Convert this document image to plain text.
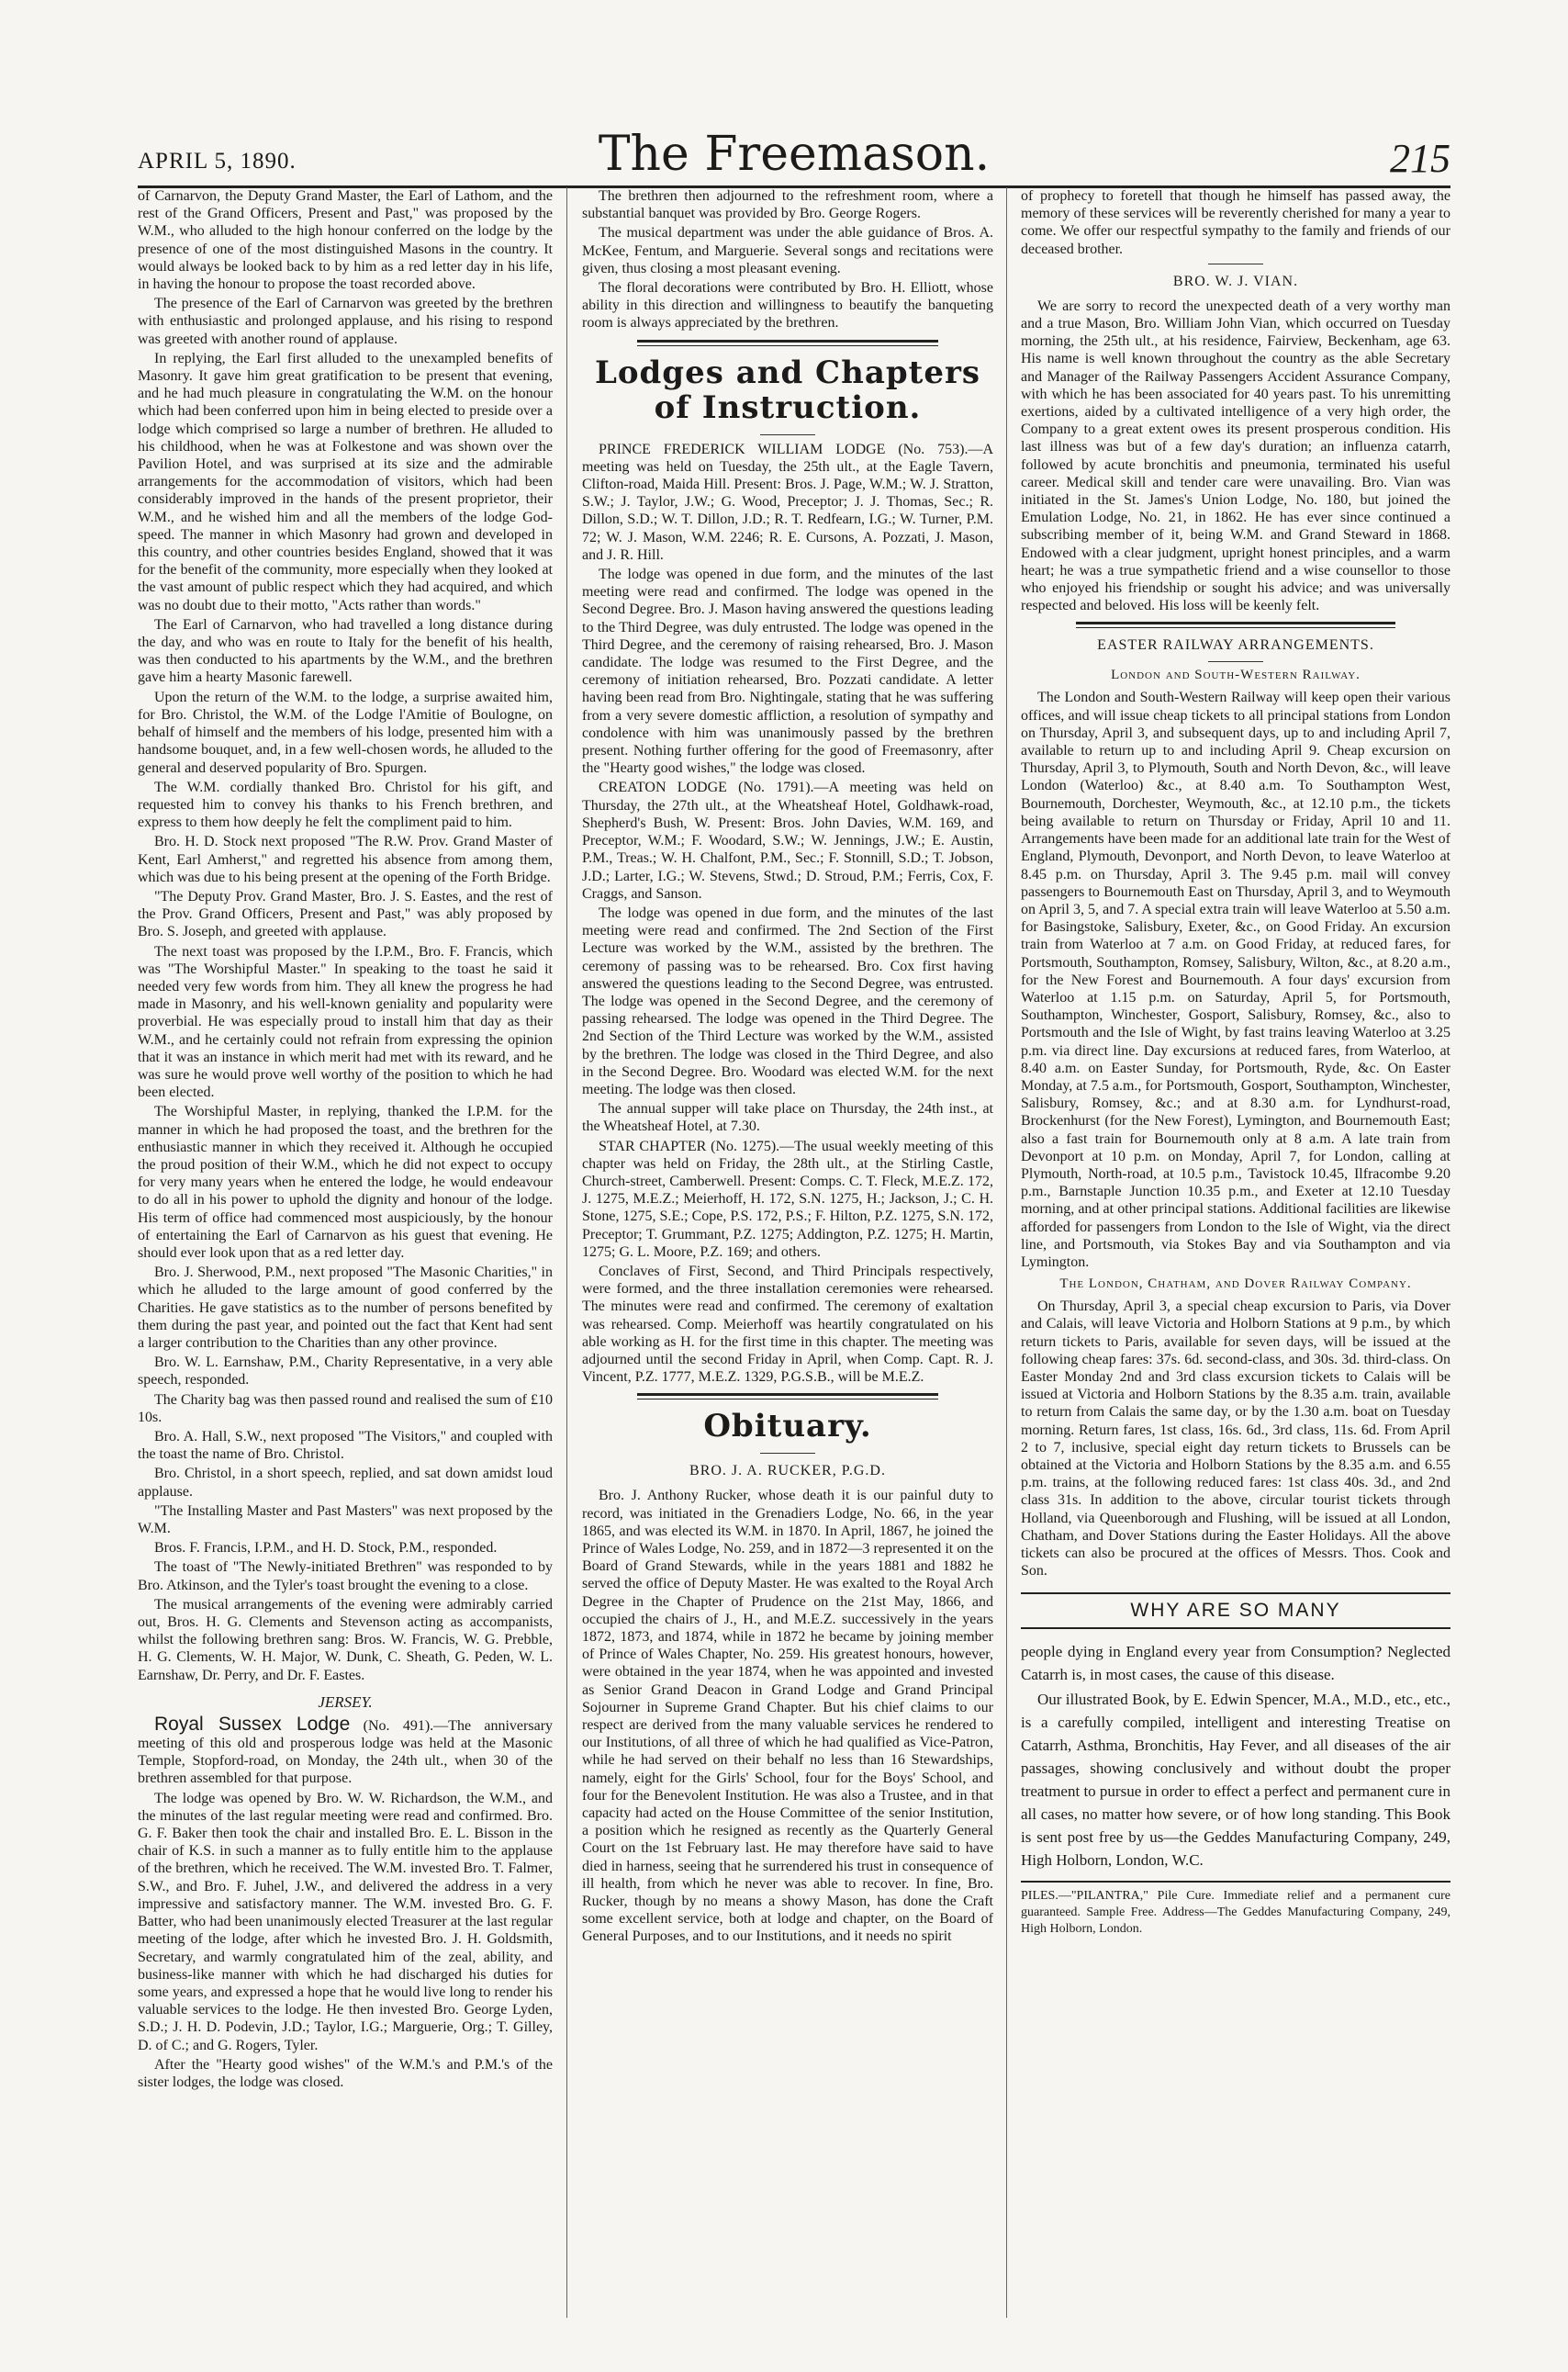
APRIL 5, 1890.	The Freemason.	215

of Carnarvon, the Deputy Grand Master, the Earl of Lathom, and the rest of the Grand Officers, Present and Past," was proposed by the W.M., who alluded to the high honour conferred on the lodge by the presence of one of the most distinguished Masons in the country. It would always be looked back to by him as a red letter day in his life, in having the honour to propose the toast recorded above.

The presence of the Earl of Carnarvon was greeted by the brethren with enthusiastic and prolonged applause, and his rising to respond was greeted with another round of applause.

In replying, the Earl first alluded to the unexampled benefits of Masonry. It gave him great gratification to be present that evening, and he had much pleasure in congratulating the W.M. on the honour which had been conferred upon him in being elected to preside over a lodge which comprised so large a number of brethren. He alluded to his childhood, when he was at Folkestone and was shown over the Pavilion Hotel, and was surprised at its size and the admirable arrangements for the accommodation of visitors, which had been considerably improved in the hands of the present proprietor, their W.M., and he wished him and all the members of the lodge God-speed. The manner in which Masonry had grown and developed in this country, and other countries besides England, showed that it was for the benefit of the community, more especially when they looked at the vast amount of public respect which they had acquired, and which was no doubt due to their motto, "Acts rather than words."

The Earl of Carnarvon, who had travelled a long distance during the day, and who was en route to Italy for the benefit of his health, was then conducted to his apartments by the W.M., and the brethren gave him a hearty Masonic farewell.

Upon the return of the W.M. to the lodge, a surprise awaited him, for Bro. Christol, the W.M. of the Lodge l'Amitie of Boulogne, on behalf of himself and the members of his lodge, presented him with a handsome bouquet, and, in a few well-chosen words, he alluded to the general and deserved popularity of Bro. Spurgen.

The W.M. cordially thanked Bro. Christol for his gift, and requested him to convey his thanks to his French brethren, and express to them how deeply he felt the compliment paid to him.

Bro. H. D. Stock next proposed "The R.W. Prov. Grand Master of Kent, Earl Amherst," and regretted his absence from among them, which was due to his being present at the opening of the Forth Bridge.

"The Deputy Prov. Grand Master, Bro. J. S. Eastes, and the rest of the Prov. Grand Officers, Present and Past," was ably proposed by Bro. S. Joseph, and greeted with applause.

The next toast was proposed by the I.P.M., Bro. F. Francis, which was "The Worshipful Master." In speaking to the toast he said it needed very few words from him. They all knew the progress he had made in Masonry, and his well-known geniality and popularity were proverbial. He was especially proud to install him that day as their W.M., and he certainly could not refrain from expressing the opinion that it was an instance in which merit had met with its reward, and he was sure he would prove well worthy of the position to which he had been elected.

The Worshipful Master, in replying, thanked the I.P.M. for the manner in which he had proposed the toast, and the brethren for the enthusiastic manner in which they received it. Although he occupied the proud position of their W.M., which he did not expect to occupy for very many years when he entered the lodge, he would endeavour to do all in his power to uphold the dignity and honour of the lodge. His term of office had commenced most auspiciously, by the honour of entertaining the Earl of Carnarvon as his guest that evening. He should ever look upon that as a red letter day.

Bro. J. Sherwood, P.M., next proposed "The Masonic Charities," in which he alluded to the large amount of good conferred by the Charities. He gave statistics as to the number of persons benefited by them during the past year, and pointed out the fact that Kent had sent a larger contribution to the Charities than any other province.

Bro. W. L. Earnshaw, P.M., Charity Representative, in a very able speech, responded.

The Charity bag was then passed round and realised the sum of £10 10s.

Bro. A. Hall, S.W., next proposed "The Visitors," and coupled with the toast the name of Bro. Christol.

Bro. Christol, in a short speech, replied, and sat down amidst loud applause.

"The Installing Master and Past Masters" was next proposed by the W.M.

Bros. F. Francis, I.P.M., and H. D. Stock, P.M., responded.

The toast of "The Newly-initiated Brethren" was responded to by Bro. Atkinson, and the Tyler's toast brought the evening to a close.

The musical arrangements of the evening were admirably carried out, Bros. H. G. Clements and Stevenson acting as accompanists, whilst the following brethren sang: Bros. W. Francis, W. G. Prebble, H. G. Clements, W. H. Major, W. Dunk, C. Sheath, G. Peden, W. L. Earnshaw, Dr. Perry, and Dr. F. Eastes.

JERSEY.

Royal Sussex Lodge (No. 491).—The anniversary meeting of this old and prosperous lodge was held at the Masonic Temple, Stopford-road, on Monday, the 24th ult., when 30 of the brethren assembled for that purpose.

The lodge was opened by Bro. W. W. Richardson, the W.M., and the minutes of the last regular meeting were read and confirmed. Bro. G. F. Baker then took the chair and installed Bro. E. L. Bisson in the chair of K.S. in such a manner as to fully entitle him to the applause of the brethren, which he received. The W.M. invested Bro. T. Falmer, S.W., and Bro. F. Juhel, J.W., and delivered the address in a very impressive and satisfactory manner. The W.M. invested Bro. G. F. Batter, who had been unanimously elected Treasurer at the last regular meeting of the lodge, after which he invested Bro. J. H. Goldsmith, Secretary, and warmly congratulated him of the zeal, ability, and business-like manner with which he had discharged his duties for some years, and expressed a hope that he would live long to render his valuable services to the lodge. He then invested Bro. George Lyden, S.D.; J. H. D. Podevin, J.D.; Taylor, I.G.; Marguerie, Org.; T. Gilley, D. of C.; and G. Rogers, Tyler.

After the "Hearty good wishes" of the W.M.'s and P.M.'s of the sister lodges, the lodge was closed.

The brethren then adjourned to the refreshment room, where a substantial banquet was provided by Bro. George Rogers.

The musical department was under the able guidance of Bros. A. McKee, Fentum, and Marguerie. Several songs and recitations were given, thus closing a most pleasant evening.

The floral decorations were contributed by Bro. H. Elliott, whose ability in this direction and willingness to beautify the banqueting room is always appreciated by the brethren.

Lodges and Chapters of Instruction.

PRINCE FREDERICK WILLIAM LODGE (No. 753).—A meeting was held on Tuesday, the 25th ult., at the Eagle Tavern, Clifton-road, Maida Hill. Present: Bros. J. Page, W.M.; W. J. Stratton, S.W.; J. Taylor, J.W.; G. Wood, Preceptor; J. J. Thomas, Sec.; R. Dillon, S.D.; W. T. Dillon, J.D.; R. T. Redfearn, I.G.; W. Turner, P.M. 72; W. J. Mason, W.M. 2246; R. E. Cursons, A. Pozzati, J. Mason, and J. R. Hill.

The lodge was opened in due form, and the minutes of the last meeting were read and confirmed. The lodge was opened in the Second Degree. Bro. J. Mason having answered the questions leading to the Third Degree, was duly entrusted. The lodge was opened in the Third Degree, and the ceremony of raising rehearsed, Bro. J. Mason candidate. The lodge was resumed to the First Degree, and the ceremony of initiation rehearsed, Bro. Pozzati candidate. A letter having been read from Bro. Nightingale, stating that he was suffering from a very severe domestic affliction, a resolution of sympathy and condolence with him was unanimously passed by the brethren present. Nothing further offering for the good of Freemasonry, after the "Hearty good wishes," the lodge was closed.

CREATON LODGE (No. 1791).—A meeting was held on Thursday, the 27th ult., at the Wheatsheaf Hotel, Goldhawk-road, Shepherd's Bush, W. Present: Bros. John Davies, W.M. 169, and Preceptor, W.M.; F. Woodard, S.W.; W. Jennings, J.W.; E. Austin, P.M., Treas.; W. H. Chalfont, P.M., Sec.; F. Stonnill, S.D.; T. Jobson, J.D.; Larter, I.G.; W. Stevens, Stwd.; D. Stroud, P.M.; Ferris, Cox, F. Craggs, and Sanson.

The lodge was opened in due form, and the minutes of the last meeting were read and confirmed. The 2nd Section of the First Lecture was worked by the W.M., assisted by the brethren. The ceremony of passing was to be rehearsed. Bro. Cox first having answered the questions leading to the Second Degree, was entrusted. The lodge was opened in the Second Degree, and the ceremony of passing rehearsed. The lodge was opened in the Third Degree. The 2nd Section of the Third Lecture was worked by the W.M., assisted by the brethren. The lodge was closed in the Third Degree, and also in the Second Degree. Bro. Woodard was elected W.M. for the next meeting. The lodge was then closed.

The annual supper will take place on Thursday, the 24th inst., at the Wheatsheaf Hotel, at 7.30.

STAR CHAPTER (No. 1275).—The usual weekly meeting of this chapter was held on Friday, the 28th ult., at the Stirling Castle, Church-street, Camberwell. Present: Comps. C. T. Fleck, M.E.Z. 172, J. 1275, M.E.Z.; Meierhoff, H. 172, S.N. 1275, H.; Jackson, J.; C. H. Stone, 1275, S.E.; Cope, P.S. 172, P.S.; F. Hilton, P.Z. 1275, S.N. 172, Preceptor; T. Grummant, P.Z. 1275; Addington, P.Z. 1275; H. Martin, 1275; G. L. Moore, P.Z. 169; and others.

Conclaves of First, Second, and Third Principals respectively, were formed, and the three installation ceremonies were rehearsed. The minutes were read and confirmed. The ceremony of exaltation was rehearsed. Comp. Meierhoff was heartily congratulated on his able working as H. for the first time in this chapter. The meeting was adjourned until the second Friday in April, when Comp. Capt. R. J. Vincent, P.Z. 1777, M.E.Z. 1329, P.G.S.B., will be M.E.Z.

Obituary.
BRO. J. A. RUCKER, P.G.D.

Bro. J. Anthony Rucker, whose death it is our painful duty to record, was initiated in the Grenadiers Lodge, No. 66, in the year 1865, and was elected its W.M. in 1870. In April, 1867, he joined the Prince of Wales Lodge, No. 259, and in 1872—3 represented it on the Board of Grand Stewards, while in the years 1881 and 1882 he served the office of Deputy Master. He was exalted to the Royal Arch Degree in the Chapter of Prudence on the 21st May, 1866, and occupied the chairs of J., H., and M.E.Z. successively in the years 1872, 1873, and 1874, while in 1872 he became by joining member of Prince of Wales Chapter, No. 259. His greatest honours, however, were obtained in the year 1874, when he was appointed and invested as Senior Grand Deacon in Grand Lodge and Grand Principal Sojourner in Supreme Grand Chapter. But his chief claims to our respect are derived from the many valuable services he rendered to our Institutions, of all three of which he had qualified as Vice-Patron, while he had served on their behalf no less than 16 Stewardships, namely, eight for the Girls' School, four for the Boys' School, and four for the Benevolent Institution. He was also a Trustee, and in that capacity had acted on the House Committee of the senior Institution, a position which he resigned as recently as the Quarterly General Court on the 1st February last. He may therefore have said to have died in harness, seeing that he surrendered his trust in consequence of ill health, from which he never was able to recover. In fine, Bro. Rucker, though by no means a showy Mason, has done the Craft some excellent service, both at lodge and chapter, on the Board of General Purposes, and to our Institutions, and it needs no spirit

of prophecy to foretell that though he himself has passed away, the memory of these services will be reverently cherished for many a year to come. We offer our respectful sympathy to the family and friends of our deceased brother.

BRO. W. J. VIAN.

We are sorry to record the unexpected death of a very worthy man and a true Mason, Bro. William John Vian, which occurred on Tuesday morning, the 25th ult., at his residence, Fairview, Beckenham, age 63. His name is well known throughout the country as the able Secretary and Manager of the Railway Passengers Accident Assurance Company, with which he has been associated for 40 years past. To his unremitting exertions, aided by a cultivated intelligence of a very high order, the Company to a great extent owes its present prosperous condition. His last illness was but of a few day's duration; an influenza catarrh, followed by acute bronchitis and pneumonia, terminated his useful career. Medical skill and tender care were unavailing. Bro. Vian was initiated in the St. James's Union Lodge, No. 180, but joined the Emulation Lodge, No. 21, in 1862. He has ever since continued a subscribing member of it, being W.M. and Grand Steward in 1868. Endowed with a clear judgment, upright honest principles, and a warm heart; he was a true sympathetic friend and a wise counsellor to those who enjoyed his friendship or sought his advice; and was universally respected and beloved. His loss will be keenly felt.

EASTER RAILWAY ARRANGEMENTS.
London and South-Western Railway.

The London and South-Western Railway will keep open their various offices, and will issue cheap tickets to all principal stations from London on Thursday, April 3, and subsequent days, up to and including April 7, available to return up to and including April 9. Cheap excursion on Thursday, April 3, to Plymouth, South and North Devon, &c., will leave London (Waterloo) &c., at 8.40 a.m. To Southampton West, Bournemouth, Dorchester, Weymouth, &c., at 12.10 p.m., the tickets being available to return on Thursday or Friday, April 10 and 11. Arrangements have been made for an additional late train for the West of England, Plymouth, Devonport, and North Devon, to leave Waterloo at 8.45 p.m. on Thursday, April 3. The 9.45 p.m. mail will convey passengers to Bournemouth East on Thursday, April 3, and to Weymouth on April 3, 5, and 7. A special extra train will leave Waterloo at 5.50 a.m. for Basingstoke, Salisbury, Exeter, &c., on Good Friday. An excursion train from Waterloo at 7 a.m. on Good Friday, at reduced fares, for Portsmouth, Southampton, Romsey, Salisbury, Wilton, &c., at 8.20 a.m., for the New Forest and Bournemouth. A four days' excursion from Waterloo at 1.15 p.m. on Saturday, April 5, for Portsmouth, Southampton, Winchester, Gosport, Salisbury, Romsey, &c., also to Portsmouth and the Isle of Wight, by fast trains leaving Waterloo at 3.25 p.m. via direct line. Day excursions at reduced fares, from Waterloo, at 8.40 a.m. on Easter Sunday, for Portsmouth, Ryde, &c. On Easter Monday, at 7.5 a.m., for Portsmouth, Gosport, Southampton, Winchester, Salisbury, Romsey, &c.; and at 8.30 a.m. for Lyndhurst-road, Brockenhurst (for the New Forest), Lymington, and Bournemouth East; also a fast train for Bournemouth only at 8 a.m. A late train from Devonport at 10 p.m. on Monday, April 7, for London, calling at Plymouth, North-road, at 10.5 p.m., Tavistock 10.45, Ilfracombe 9.20 p.m., Barnstaple Junction 10.35 p.m., and Exeter at 12.10 Tuesday morning, and at other principal stations. Additional facilities are likewise afforded for passengers from London to the Isle of Wight, via the direct line, and Portsmouth, via Stokes Bay and via Southampton and via Lymington.

The London, Chatham, and Dover Railway Company.

On Thursday, April 3, a special cheap excursion to Paris, via Dover and Calais, will leave Victoria and Holborn Stations at 9 p.m., by which return tickets to Paris, available for seven days, will be issued at the following cheap fares: 37s. 6d. second-class, and 30s. 3d. third-class. On Easter Monday 2nd and 3rd class excursion tickets to Calais will be issued at Victoria and Holborn Stations by the 8.35 a.m. train, available to return from Calais the same day, or by the 1.30 a.m. boat on Tuesday morning. Return fares, 1st class, 16s. 6d., 3rd class, 11s. 6d. From April 2 to 7, inclusive, special eight day return tickets to Brussels can be obtained at the Victoria and Holborn Stations by the 8.35 a.m. and 6.55 p.m. trains, at the following reduced fares: 1st class 40s. 3d., and 2nd class 31s. In addition to the above, circular tourist tickets through Holland, via Queenborough and Flushing, will be issued at all London, Chatham, and Dover Stations during the Easter Holidays. All the above tickets can also be procured at the offices of Messrs. Thos. Cook and Son.

WHY ARE SO MANY

people dying in England every year from Consumption? Neglected Catarrh is, in most cases, the cause of this disease.

Our illustrated Book, by E. Edwin Spencer, M.A., M.D., etc., etc., is a carefully compiled, intelligent and interesting Treatise on Catarrh, Asthma, Bronchitis, Hay Fever, and all diseases of the air passages, showing conclusively and without doubt the proper treatment to pursue in order to effect a perfect and permanent cure in all cases, no matter how severe, or of how long standing. This Book is sent post free by us—the Geddes Manufacturing Company, 249, High Holborn, London, W.C.

PILES.—"PILANTRA," Pile Cure. Immediate relief and a permanent cure guaranteed. Sample Free. Address—The Geddes Manufacturing Company, 249, High Holborn, London.
